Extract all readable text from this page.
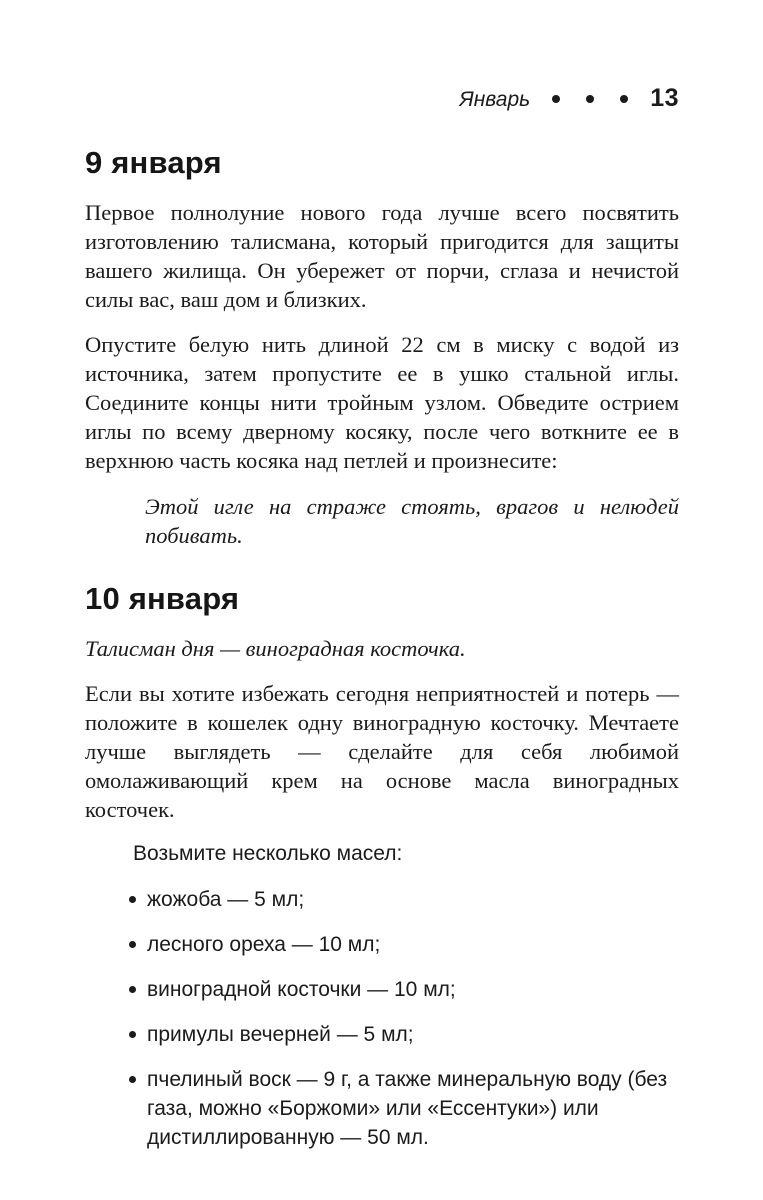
Январь	13
9 января

Первое полнолуние нового года лучше всего посвятить изготовлению талисмана, который пригодится для защиты вашего жилища. Он убережет от порчи, сглаза и нечистой силы вас, ваш дом и близких.

Опустите белую нить длиной 22 см в миску с водой из источника, затем пропустите ее в ушко стальной иглы. Соедините концы нити тройным узлом. Обведите острием иглы по всему дверному косяку, после чего воткните ее в верхнюю часть косяка над петлей и произнесите:

Этой игле на страже стоять, врагов и нелюдей побивать.

10 января

Талисман дня — виноградная косточка.

Если вы хотите избежать сегодня неприятностей и потерь — положите в кошелек одну виноградную косточку. Мечтаете лучше выглядеть — сделайте для себя любимой омолаживающий крем на основе масла виноградных косточек.

Возьмите несколько масел:

жожоба — 5 мл;
лесного ореха — 10 мл;
виноградной косточки — 10 мл;
примулы вечерней — 5 мл;
пчелиный воск — 9 г, а также минеральную воду (без газа, можно «Боржоми» или «Ессентуки») или дистиллированную — 50 мл.
